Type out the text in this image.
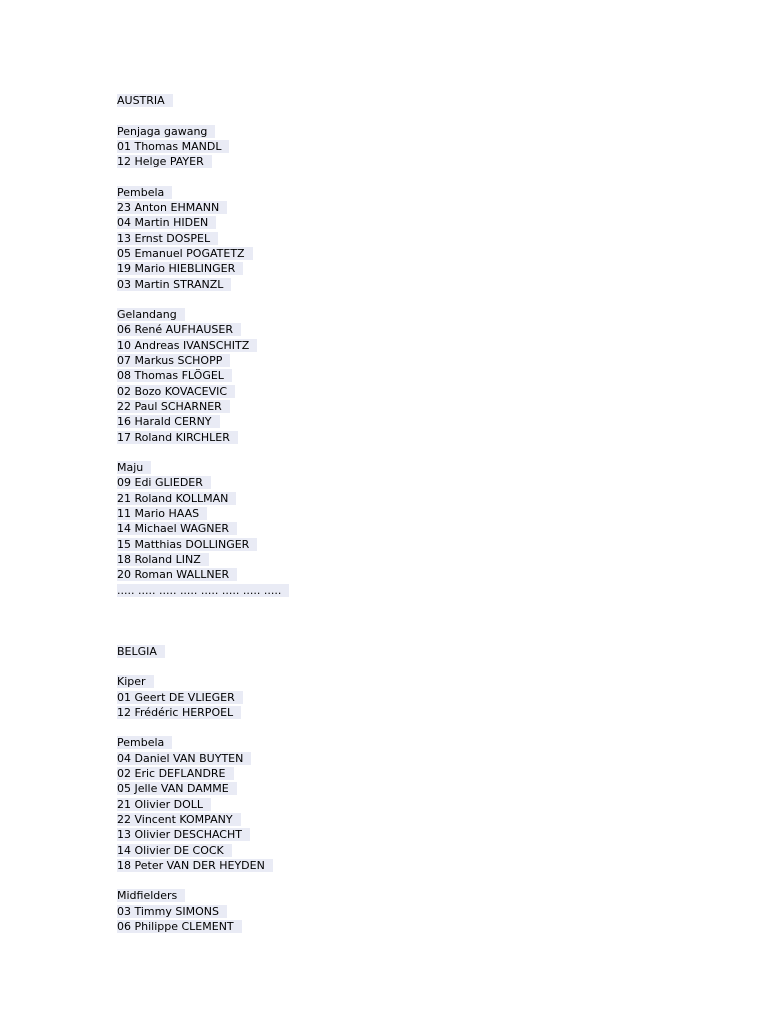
AUSTRIA
Penjaga gawang
01 Thomas MANDL
12 Helge PAYER
Pembela
23 Anton EHMANN
04 Martin HIDEN
13 Ernst DOSPEL
05 Emanuel POGATETZ
19 Mario HIEBLINGER
03 Martin STRANZL
Gelandang
06 René AUFHAUSER
10 Andreas IVANSCHITZ
07 Markus SCHOPP
08 Thomas FLÖGEL
02 Bozo KOVACEVIC
22 Paul SCHARNER
16 Harald CERNY
17 Roland KIRCHLER
Maju
09 Edi GLIEDER
21 Roland KOLLMAN
11 Mario HAAS
14 Michael WAGNER
15 Matthias DOLLINGER
18 Roland LINZ
20 Roman WALLNER
..... ..... ..... ..... ..... ..... ..... .....
BELGIA
Kiper
01 Geert DE VLIEGER
12 Frédéric HERPOEL
Pembela
04 Daniel VAN BUYTEN
02 Eric DEFLANDRE
05 Jelle VAN DAMME
21 Olivier DOLL
22 Vincent KOMPANY
13 Olivier DESCHACHT
14 Olivier DE COCK
18 Peter VAN DER HEYDEN
Midfielders
03 Timmy SIMONS
06 Philippe CLEMENT
